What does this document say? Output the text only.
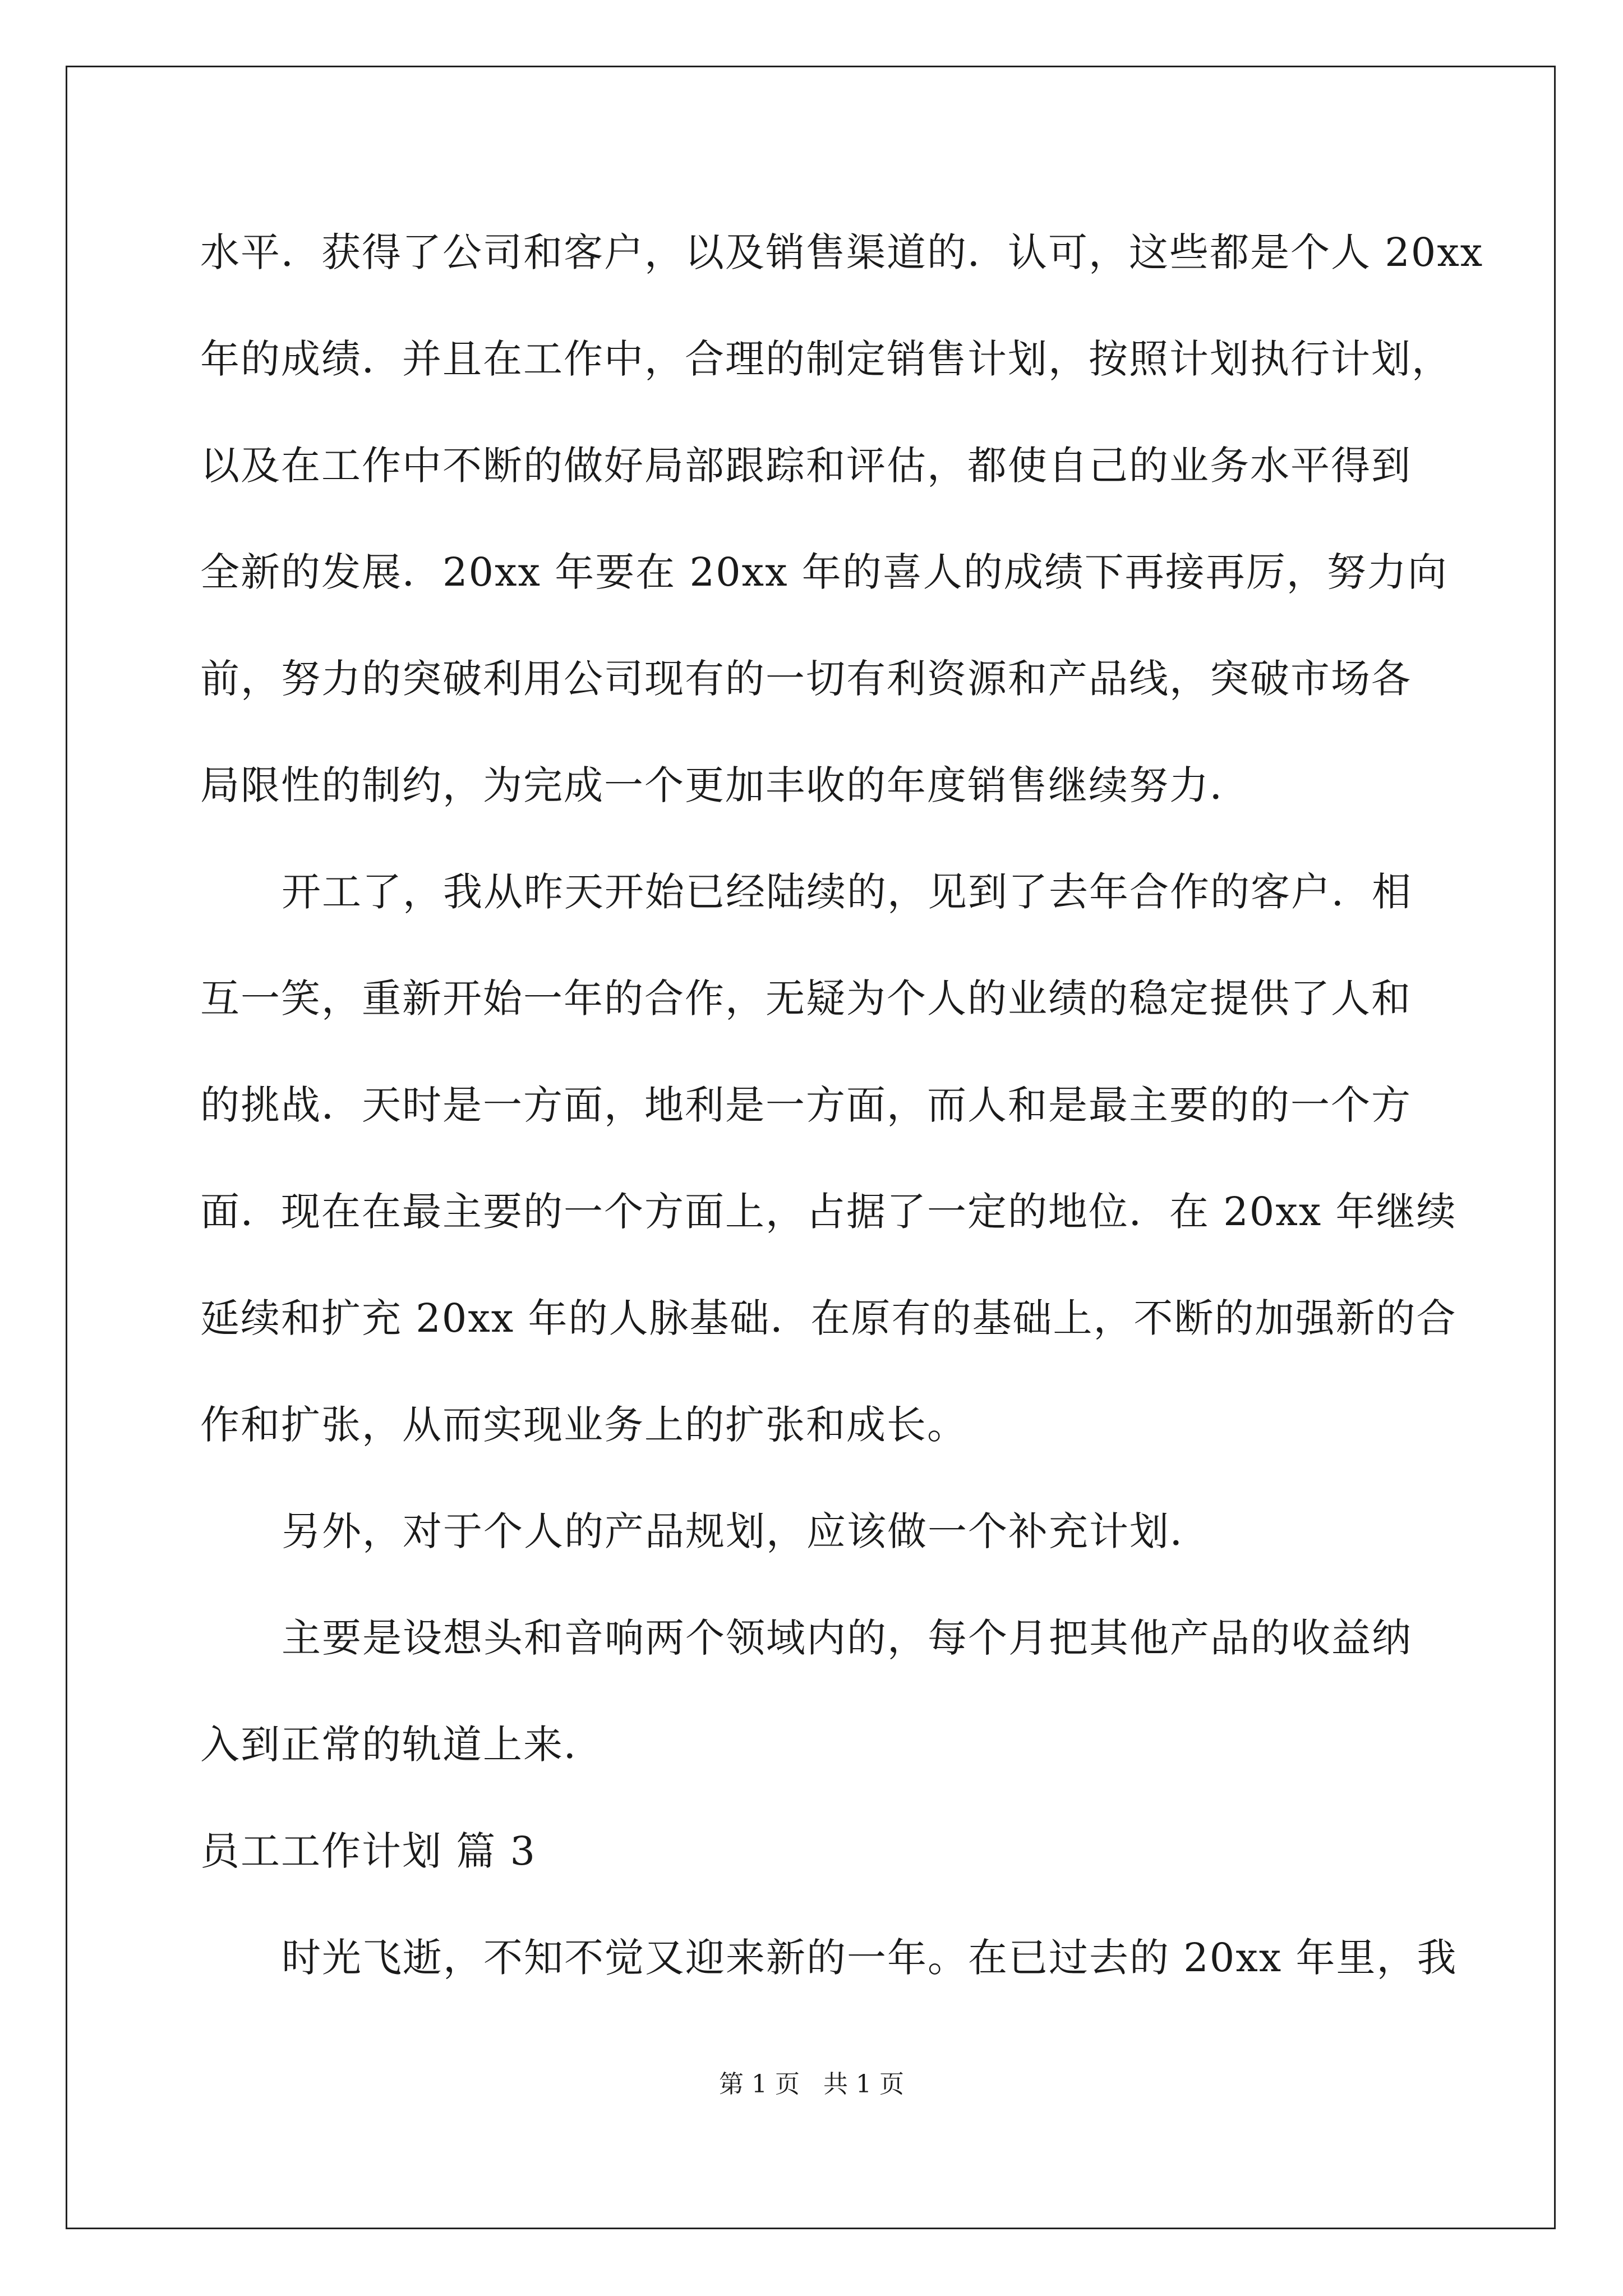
水平．获得了公司和客户，以及销售渠道的．认可，这些都是个人 20xx
年的成绩．并且在工作中，合理的制定销售计划，按照计划执行计划，
以及在工作中不断的做好局部跟踪和评估，都使自己的业务水平得到
全新的发展．20xx 年要在 20xx 年的喜人的成绩下再接再厉，努力向
前，努力的突破利用公司现有的一切有利资源和产品线，突破市场各
局限性的制约，为完成一个更加丰收的年度销售继续努力．
开工了，我从昨天开始已经陆续的，见到了去年合作的客户．相
互一笑，重新开始一年的合作，无疑为个人的业绩的稳定提供了人和
的挑战．天时是一方面，地利是一方面，而人和是最主要的的一个方
面．现在在最主要的一个方面上，占据了一定的地位．在 20xx 年继续
延续和扩充 20xx 年的人脉基础．在原有的基础上，不断的加强新的合
作和扩张，从而实现业务上的扩张和成长。
另外，对于个人的产品规划，应该做一个补充计划．
主要是设想头和音响两个领域内的，每个月把其他产品的收益纳
入到正常的轨道上来．
员工工作计划 篇 3
时光飞逝，不知不觉又迎来新的一年。在已过去的 20xx 年里，我
第 1 页   共 1 页
